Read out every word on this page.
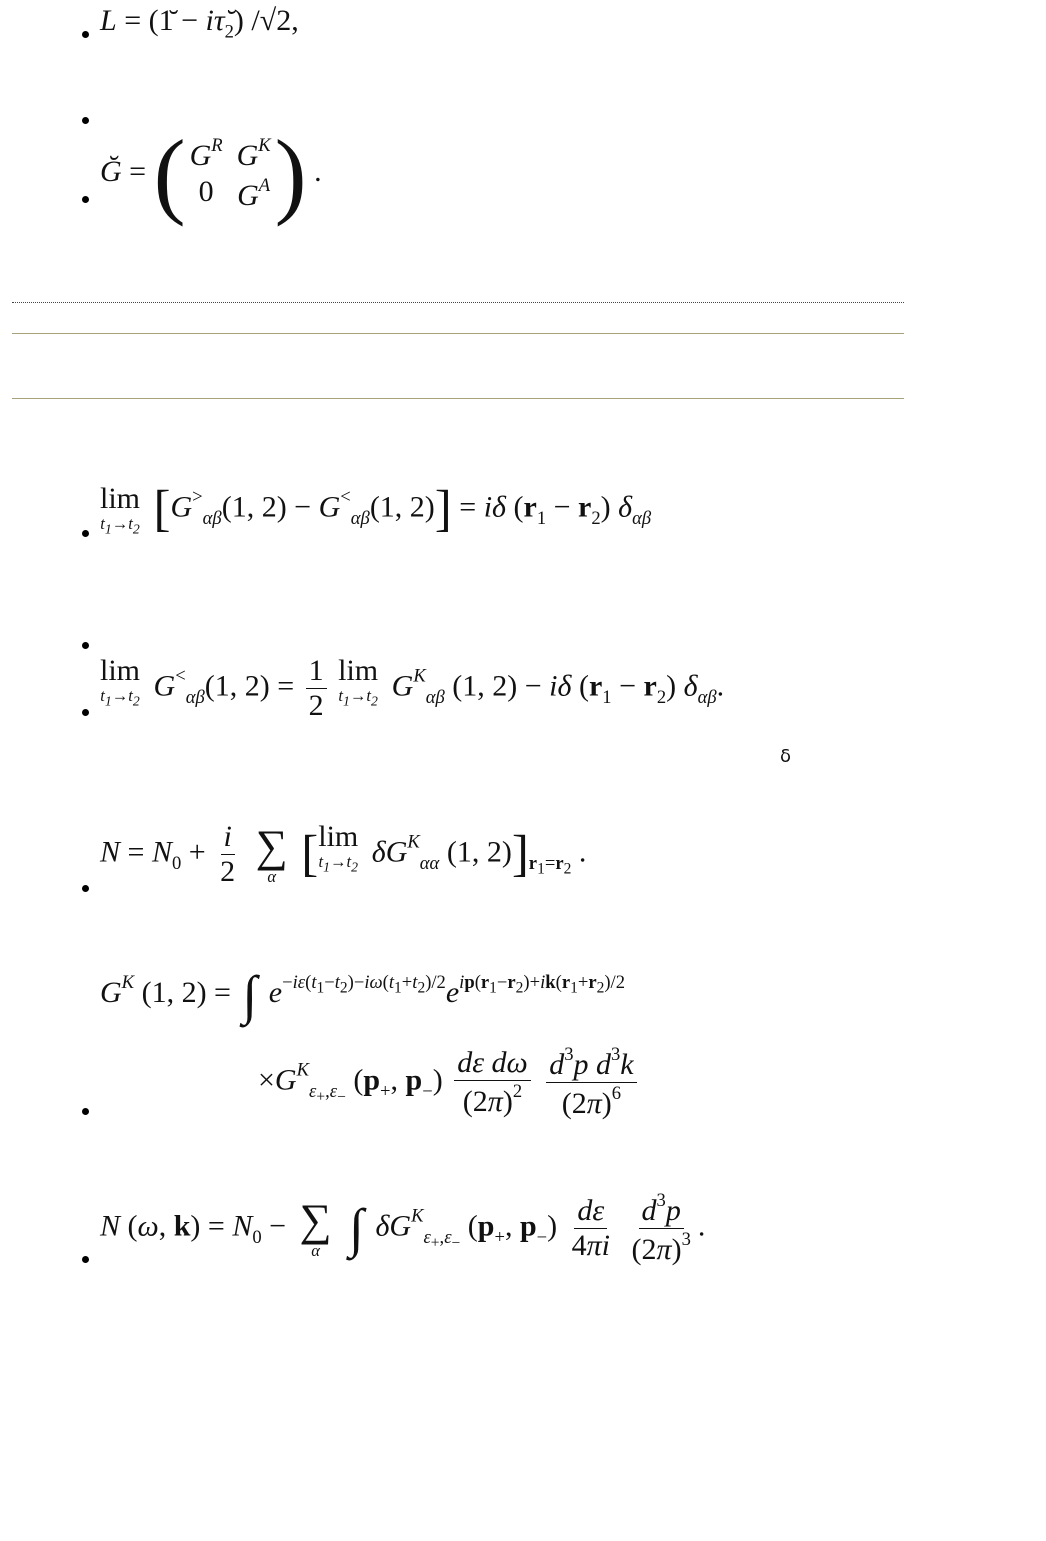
L = (1̆ − $i\taŭ_2$) /√2,
Ğ = ( $G^R$ $G^K$
0 $G^A$ ) .
lim
$t_1\to t_2$ [$G^>_{\alpha\beta}(1$, $2) - G^<_{\alpha\beta}(1$, 2)] = iδ $(r_1 - r_2)$ $\delta_{\alpha\beta}$
lim
$t_1\to t_2$ $G^<_{\alpha\beta}(1$, $2) = \frac{1}{2}$
lim
$t_1\to t_2$ $G^K_{\alpha\beta}$ (1, 2) − iδ $(r_1 - r_2)$ $\delta_{\alpha\beta}$.
δ
$N = N_0 + \frac{i}{2}$
∑
α [ lim
$t_1\to t_2$ $\delta G^K_{\alpha\alpha}$ (1, $2)]_{r_1=r_2}$ .
$G^K$ (1, 2) = ∫ $e^{-i\varepsilon(t_1-t_2)-i\omega(t_1+t_2)/2}e^{ip(r_1-r_2)+ik(r_1+r_2)/2}$
$\times G^K_{\varepsilon_+,\varepsilon_-}$ ($p_+$, $p_-) \frac{\text{dε dω}}{(2\pi)^2}$
$\frac{d^3p d^3k}{(2\pi)^6}$
N (ω, $k) = N_0$ − ∑
α ∫ $\delta G^K_{\varepsilon_+,\varepsilon_-}$ ($p_+$, $p_-) \frac{d\varepsilon}{4\pi i}$
$\frac{d^3p}{(2\pi)^3}$ .
